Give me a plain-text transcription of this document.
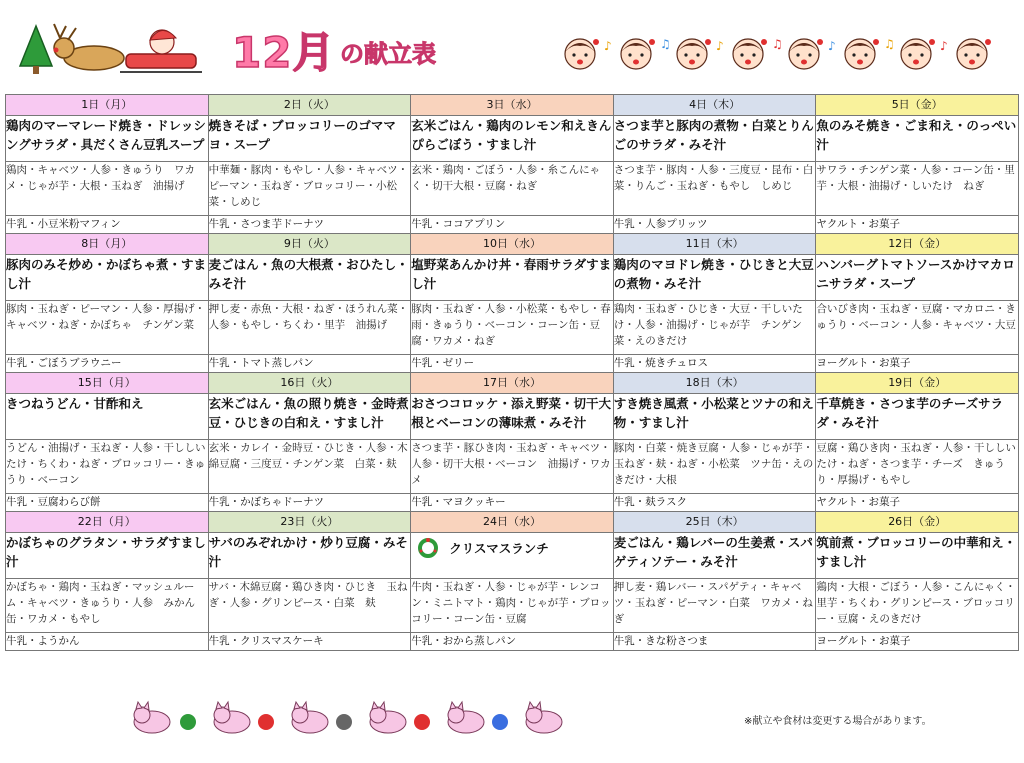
12月 の献立表	♪	♫	♪	♫	♪	♫	♪
1日（月）	2日（火）	3日（水）	4日（木）	5日（金）
鶏肉のマーマレード焼き・ドレッシングサラダ・具だくさん豆乳スープ	焼きそば・ブロッコリーのゴママヨ・スープ	玄米ごはん・鶏肉のレモン和えきんぴらごぼう・すまし汁	さつま芋と豚肉の煮物・白菜とりんごのサラダ・みそ汁	魚のみそ焼き・ごま和え・のっぺい汁
鶏肉・キャベツ・人参・きゅうり　ワカメ・じゃが芋・大根・玉ねぎ　油揚げ	中華麺・豚肉・もやし・人参・キャベツ・ピーマン・玉ねぎ・ブロッコリー・小松菜・しめじ	玄米・鶏肉・ごぼう・人参・糸こんにゃく・切干大根・豆腐・ねぎ	さつま芋・豚肉・人参・三度豆・昆布・白菜・りんご・玉ねぎ・もやし　しめじ	サワラ・チンゲン菜・人参・コーン缶・里芋・大根・油揚げ・しいたけ　ねぎ
牛乳・小豆米粉マフィン	牛乳・さつま芋ドーナツ	牛乳・ココアプリン	牛乳・人参プリッツ	ヤクルト・お菓子
8日（月）	9日（火）	10日（水）	11日（木）	12日（金）
豚肉のみそ炒め・かぼちゃ煮・すまし汁	麦ごはん・魚の大根煮・おひたし・みそ汁	塩野菜あんかけ丼・春雨サラダすまし汁	鶏肉のマヨドレ焼き・ひじきと大豆の煮物・みそ汁	ハンバーグトマトソースかけマカロニサラダ・スープ
豚肉・玉ねぎ・ピーマン・人参・厚揚げ・キャベツ・ねぎ・かぼちゃ　チンゲン菜	押し麦・赤魚・大根・ねぎ・ほうれん菜・人参・もやし・ちくわ・里芋　油揚げ	豚肉・玉ねぎ・人参・小松菜・もやし・春雨・きゅうり・ベーコン・コーン缶・豆腐・ワカメ・ねぎ	鶏肉・玉ねぎ・ひじき・大豆・干しいたけ・人参・油揚げ・じゃが芋　チンゲン菜・えのきだけ	合いびき肉・玉ねぎ・豆腐・マカロニ・きゅうり・ベーコン・人参・キャベツ・大豆
牛乳・ごぼうブラウニー	牛乳・トマト蒸しパン	牛乳・ゼリー	牛乳・焼きチュロス	ヨーグルト・お菓子
15日（月）	16日（火）	17日（水）	18日（木）	19日（金）
きつねうどん・甘酢和え	玄米ごはん・魚の照り焼き・金時煮豆・ひじきの白和え・すまし汁	おさつコロッケ・添え野菜・切干大根とベーコンの薄味煮・みそ汁	すき焼き風煮・小松菜とツナの和え物・すまし汁	千草焼き・さつま芋のチーズサラダ・みそ汁
うどん・油揚げ・玉ねぎ・人参・干ししいたけ・ちくわ・ねぎ・ブロッコリー・きゅうり・ベーコン	玄米・カレイ・金時豆・ひじき・人参・木綿豆腐・三度豆・チンゲン菜　白菜・麸	さつま芋・豚ひき肉・玉ねぎ・キャベツ・人参・切干大根・ベーコン　油揚げ・ワカメ	豚肉・白菜・焼き豆腐・人参・じゃが芋・玉ねぎ・麸・ねぎ・小松菜　ツナ缶・えのきだけ・大根	豆腐・鶏ひき肉・玉ねぎ・人参・干ししいたけ・ねぎ・さつま芋・チーズ　きゅうり・厚揚げ・もやし
牛乳・豆腐わらび餅	牛乳・かぼちゃドーナツ	牛乳・マヨクッキー	牛乳・麸ラスク	ヤクルト・お菓子
22日（月）	23日（火）	24日（水）	25日（木）	26日（金）
かぼちゃのグラタン・サラダすまし汁	サバのみぞれかけ・炒り豆腐・みそ汁	クリスマスランチ	麦ごはん・鶏レバーの生姜煮・スパゲティソテー・みそ汁	筑前煮・ブロッコリーの中華和え・すまし汁
かぼちゃ・鶏肉・玉ねぎ・マッシュルーム・キャベツ・きゅうり・人参　みかん缶・ワカメ・もやし	サバ・木綿豆腐・鶏ひき肉・ひじき　玉ねぎ・人参・グリンピース・白菜　麸	牛肉・玉ねぎ・人参・じゃが芋・レンコン・ミニトマト・鶏肉・じゃが芋・ブロッコリー・コーン缶・豆腐	押し麦・鶏レバー・スパゲティ・キャベツ・玉ねぎ・ピーマン・白菜　ワカメ・ねぎ	鶏肉・大根・ごぼう・人参・こんにゃく・里芋・ちくわ・グリンピース・ブロッコリー・豆腐・えのきだけ
牛乳・ようかん	牛乳・クリスマスケーキ	牛乳・おから蒸しパン	牛乳・きな粉さつま	ヨーグルト・お菓子
※献立や食材は変更する場合があります。
